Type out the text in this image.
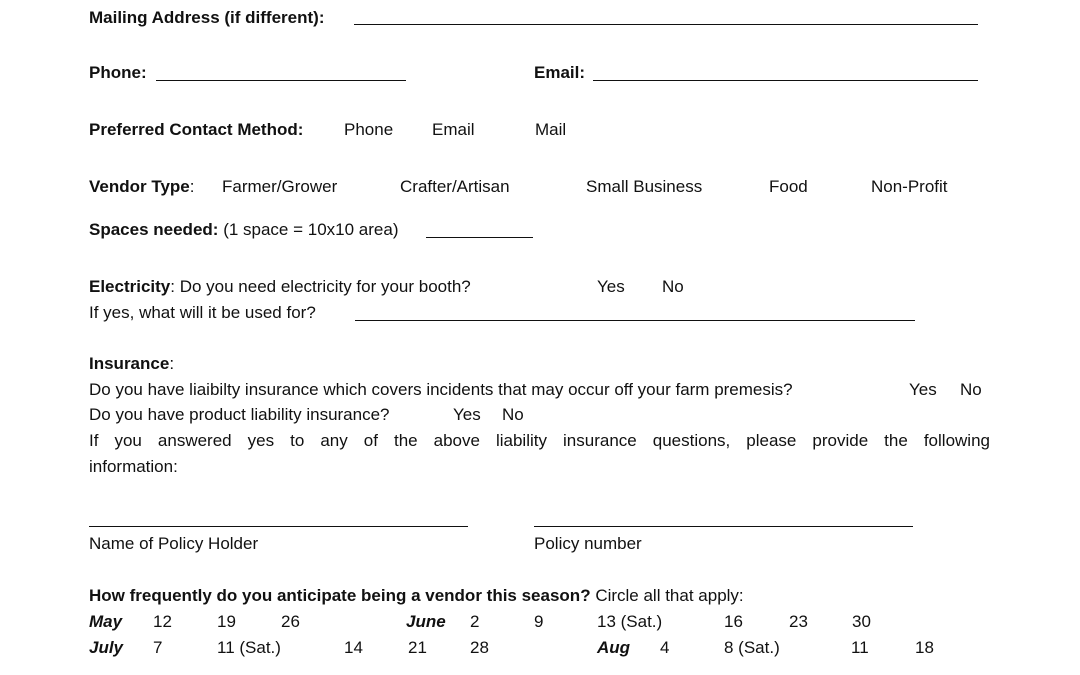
Mailing Address (if different):
Phone:	Email:
Preferred Contact Method: Phone Email	Mail
Vendor Type: Farmer/Grower	Crafter/Artisan	Small Business	Food	Non-Profit
Spaces needed: (1 space = 10x10 area)
Electricity: Do you need electricity for your booth?	Yes No
If yes, what will it be used for?
Insurance:
Do you have liaibilty insurance which covers incidents that may occur off your farm premesis?	Yes No
Do you have product liability insurance?	Yes No
If you answered yes to any of the above liability insurance questions, please provide the following
information:
Name of Policy Holder	Policy number
How frequently do you anticipate being a vendor this season? Circle all that apply:
May 12	19	26	June 2	9	13 (Sat.)	16	23	30
July 7	11 (Sat.)	14	21	28	Aug 4	8 (Sat.)	11	18
